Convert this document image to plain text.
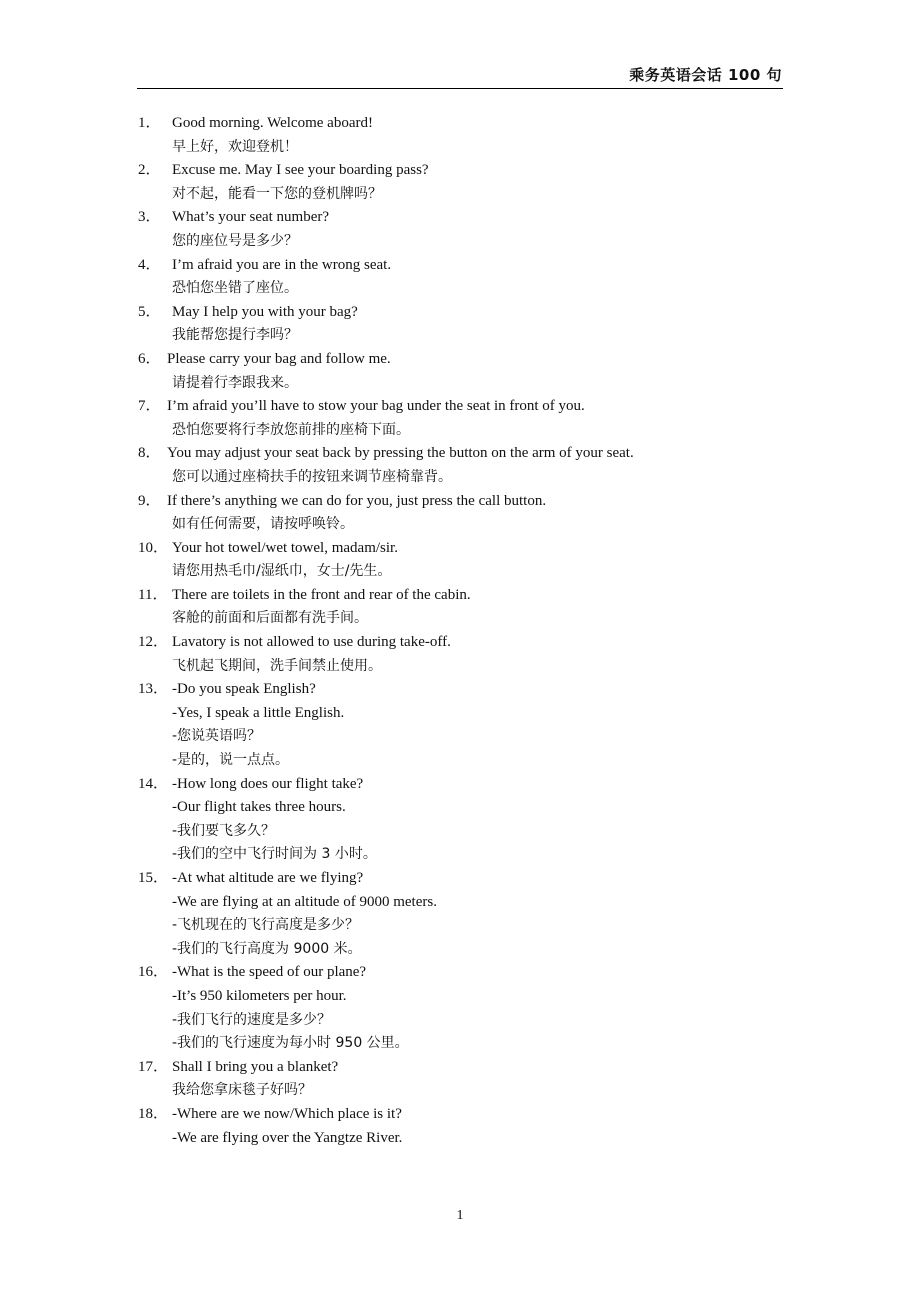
乘务英语会话 100 句
1． Good morning. Welcome aboard!
早上好，欢迎登机！
2． Excuse me. May I see your boarding pass?
对不起，能看一下您的登机牌吗？
3． What’s your seat number?
您的座位号是多少？
4． I’m afraid you are in the wrong seat.
恐怕您坐错了座位。
5． May I help you with your bag?
我能帮您提行李吗？
6． Please carry your bag and follow me.
请提着行李跟我来。
7． I’m afraid you’ll have to stow your bag under the seat in front of you.
恐怕您要将行李放您前排的座椅下面。
8． You may adjust your seat back by pressing the button on the arm of your seat.
您可以通过座椅扶手的按钮来调节座椅靠背。
9． If there’s anything we can do for you, just press the call button.
如有任何需要，请按呼唤铃。
10． Your hot towel/wet towel, madam/sir.
请您用热毛巾/湿纸巾，女士/先生。
11． There are toilets in the front and rear of the cabin.
客舱的前面和后面都有洗手间。
12． Lavatory is not allowed to use during take-off.
飞机起飞期间，洗手间禁止使用。
13． -Do you speak English?
-Yes, I speak a little English.
-您说英语吗？
-是的，说一点点。
14． -How long does our flight take?
-Our flight takes three hours.
-我们要飞多久？
-我们的空中飞行时间为 3 小时。
15． -At what altitude are we flying?
-We are flying at an altitude of 9000 meters.
-飞机现在的飞行高度是多少？
-我们的飞行高度为 9000 米。
16． -What is the speed of our plane?
-It’s 950 kilometers per hour.
-我们飞行的速度是多少？
-我们的飞行速度为每小时 950 公里。
17． Shall I bring you a blanket?
我给您拿床毯子好吗？
18． -Where are we now/Which place is it?
-We are flying over the Yangtze River.
1
